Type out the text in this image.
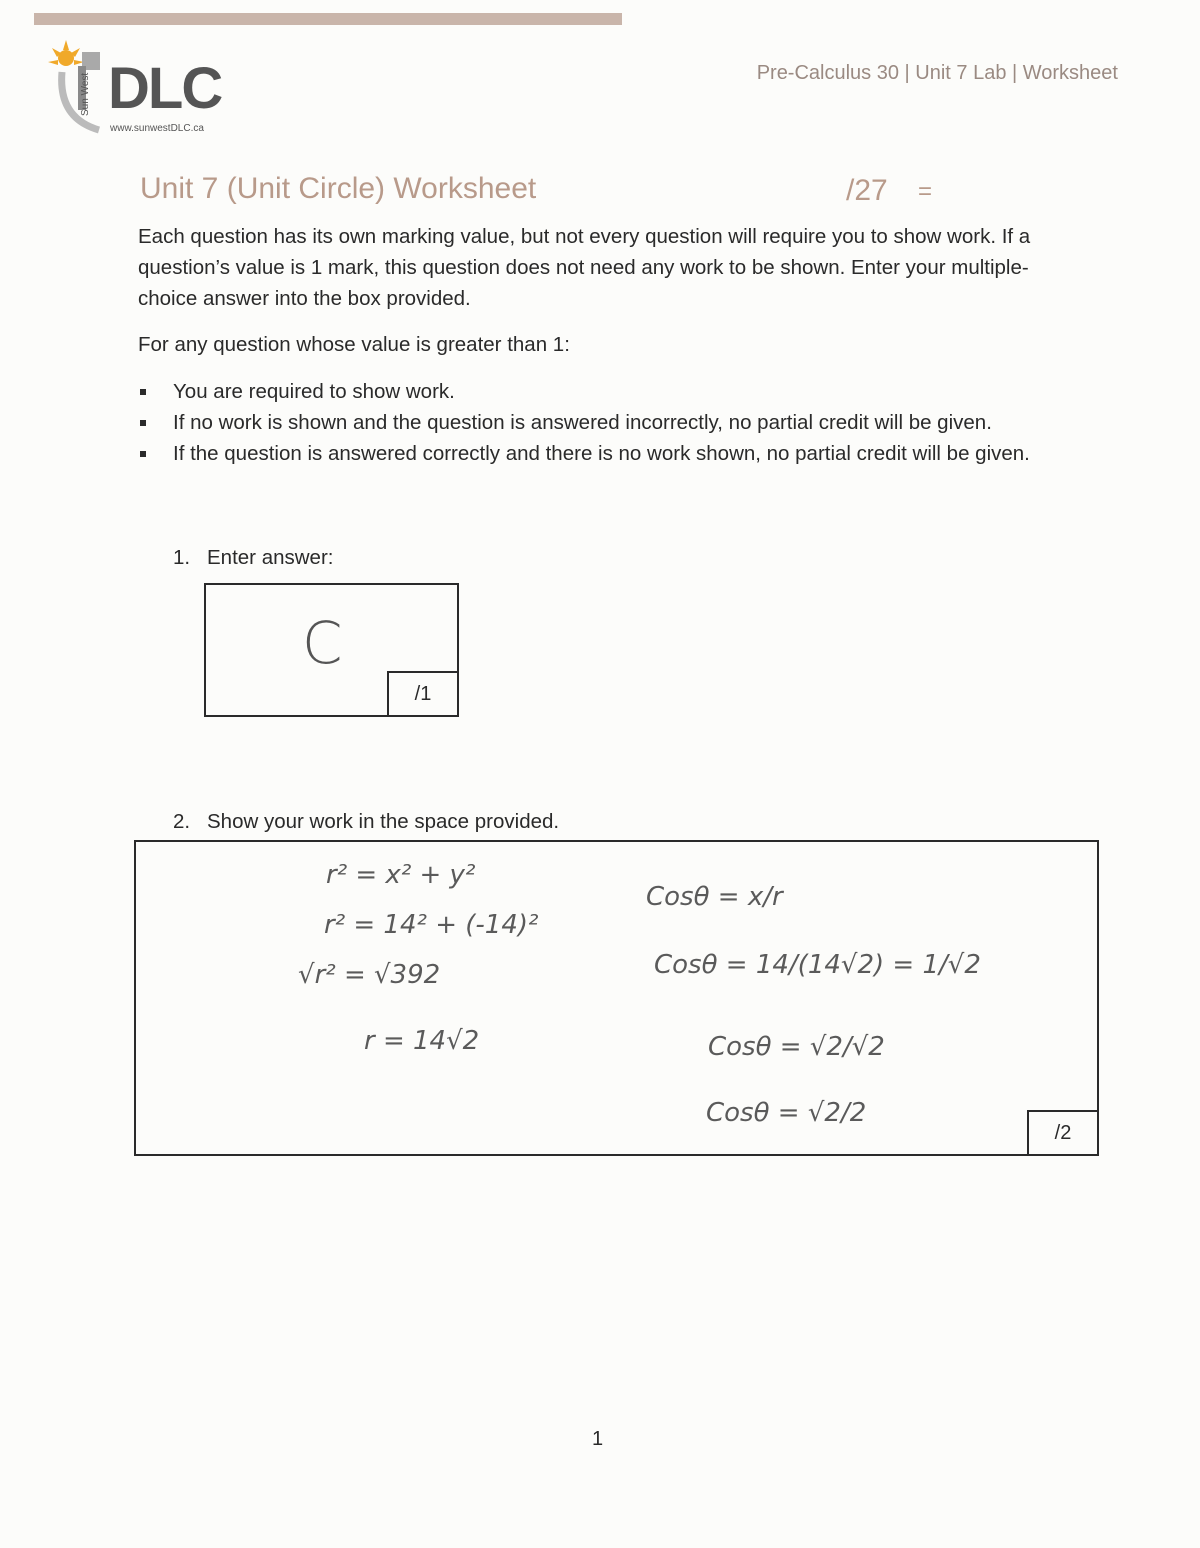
DLC
Sun West
www.sunwestDLC.ca
Pre-Calculus 30 | Unit 7 Lab | Worksheet
Unit 7 (Unit Circle) Worksheet	/27 =

Each question has its own marking value, but not every question will require you to show work. If a question’s value is 1 mark, this question does not need any work to be shown. Enter your multiple-choice answer into the box provided.

For any question whose value is greater than 1:

You are required to show work.
If no work is shown and the question is answered incorrectly, no partial credit will be given.
If the question is answered correctly and there is no work shown, no partial credit will be given.
1. Enter answer:
C
/1
2. Show your work in the space provided.
r² = x² + y²
r² = 14² + (-14)²
√r² = √392
r = 14√2
Cosθ = x/r
Cosθ = 14/(14√2) = 1/√2
Cosθ = √2/√2
Cosθ = √2/2
/2
1
